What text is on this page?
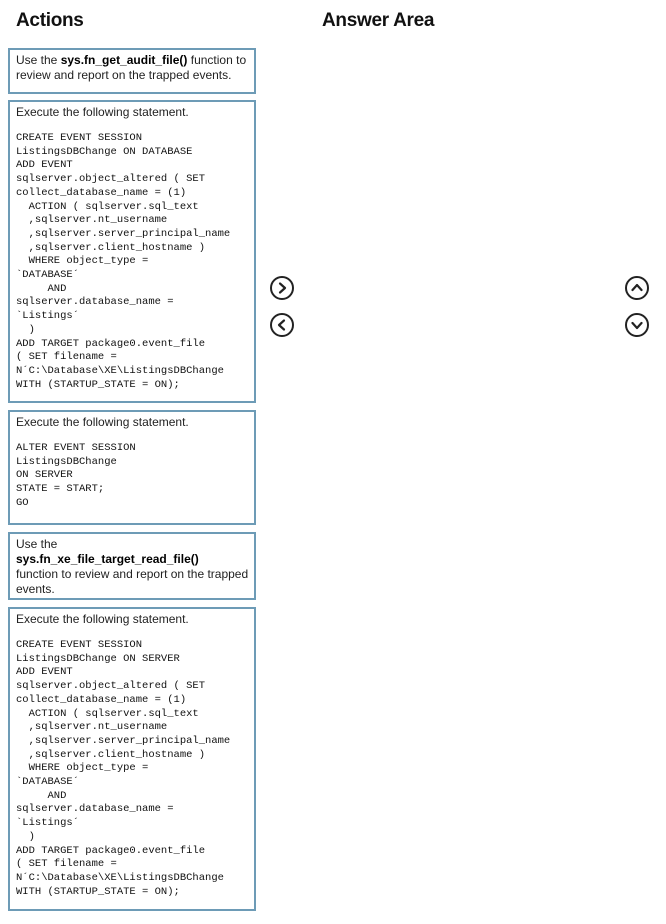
Actions	Answer Area
Use the sys.fn_get_audit_file() function to review and report on the trapped events.
Execute the following statement.
CREATE EVENT SESSION
ListingsDBChange ON DATABASE
ADD EVENT
sqlserver.object_altered ( SET
collect_database_name = (1)
ACTION ( sqlserver.sql_text
,sqlserver.nt_username
,sqlserver.server_principal_name
,sqlserver.client_hostname )
WHERE object_type =
`DATABASE´
AND
sqlserver.database_name =
`Listings´
)
ADD TARGET package0.event_file
( SET filename =
N´C:\Database\XE\ListingsDBChange
WITH (STARTUP_STATE = ON);
Execute the following statement.
ALTER EVENT SESSION
ListingsDBChange
ON SERVER
STATE = START;
GO
Use the
sys.fn_xe_file_target_read_file()
function to review and report on the trapped events.
Execute the following statement.
CREATE EVENT SESSION
ListingsDBChange ON SERVER
ADD EVENT
sqlserver.object_altered ( SET
collect_database_name = (1)
ACTION ( sqlserver.sql_text
,sqlserver.nt_username
,sqlserver.server_principal_name
,sqlserver.client_hostname )
WHERE object_type =
`DATABASE´
AND
sqlserver.database_name =
`Listings´
)
ADD TARGET package0.event_file
( SET filename =
N´C:\Database\XE\ListingsDBChange
WITH (STARTUP_STATE = ON);
